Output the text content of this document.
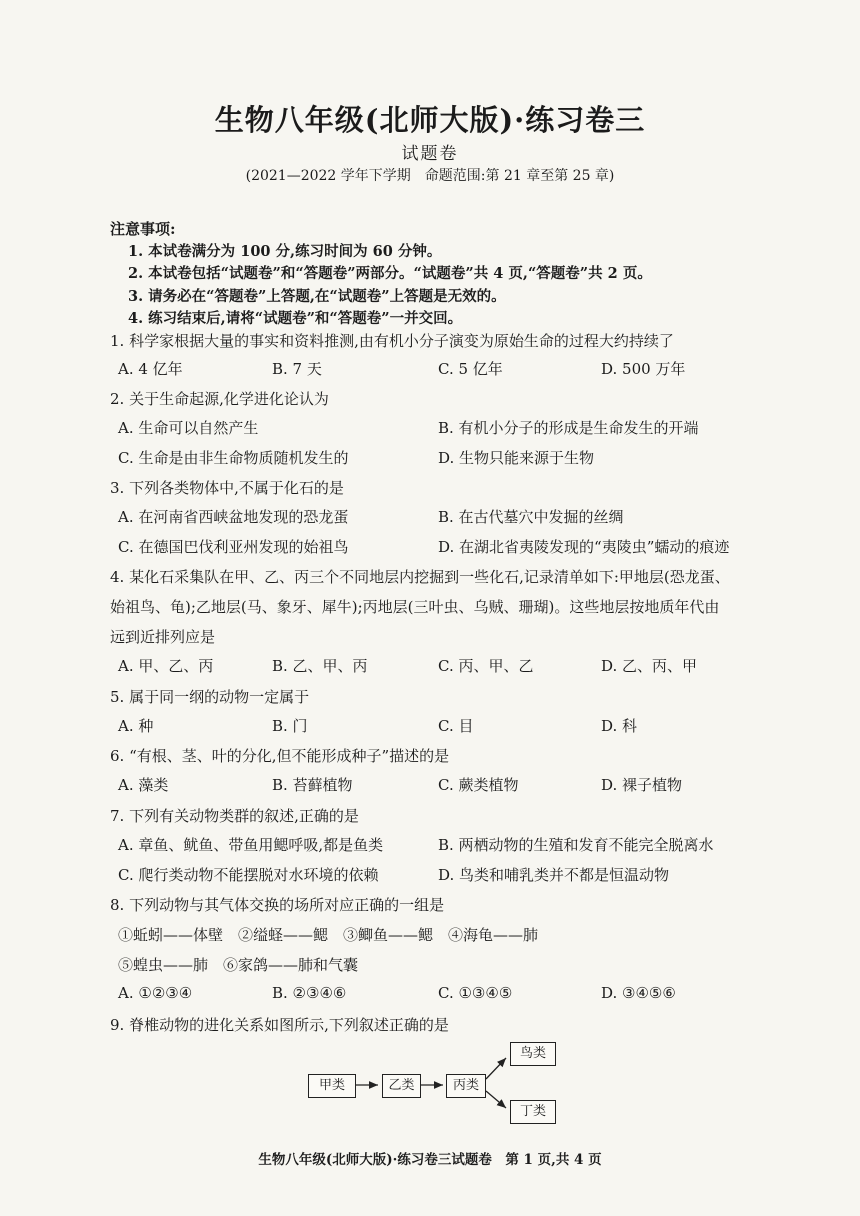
生物八年级(北师大版)·练习卷三
试题卷
(2021—2022 学年下学期　命题范围:第 21 章至第 25 章)
注意事项:
1. 本试卷满分为 100 分,练习时间为 60 分钟。
2. 本试卷包括“试题卷”和“答题卷”两部分。“试题卷”共 4 页,“答题卷”共 2 页。
3. 请务必在“答题卷”上答题,在“试题卷”上答题是无效的。
4. 练习结束后,请将“试题卷”和“答题卷”一并交回。
1. 科学家根据大量的事实和资料推测,由有机小分子演变为原始生命的过程大约持续了
A. 4 亿年	B. 7 天	C. 5 亿年	D. 500 万年
2. 关于生命起源,化学进化论认为
A. 生命可以自然产生	B. 有机小分子的形成是生命发生的开端
C. 生命是由非生命物质随机发生的	D. 生物只能来源于生物
3. 下列各类物体中,不属于化石的是
A. 在河南省西峡盆地发现的恐龙蛋	B. 在古代墓穴中发掘的丝绸
C. 在德国巴伐利亚州发现的始祖鸟	D. 在湖北省夷陵发现的“夷陵虫”蠕动的痕迹
4. 某化石采集队在甲、乙、丙三个不同地层内挖掘到一些化石,记录清单如下:甲地层(恐龙蛋、
始祖鸟、龟);乙地层(马、象牙、犀牛);丙地层(三叶虫、乌贼、珊瑚)。这些地层按地质年代由
远到近排列应是
A. 甲、乙、丙	B. 乙、甲、丙	C. 丙、甲、乙	D. 乙、丙、甲
5. 属于同一纲的动物一定属于
A. 种	B. 门	C. 目	D. 科
6. “有根、茎、叶的分化,但不能形成种子”描述的是
A. 藻类	B. 苔藓植物	C. 蕨类植物	D. 裸子植物
7. 下列有关动物类群的叙述,正确的是
A. 章鱼、鱿鱼、带鱼用鳃呼吸,都是鱼类	B. 两栖动物的生殖和发育不能完全脱离水
C. 爬行类动物不能摆脱对水环境的依赖	D. 鸟类和哺乳类并不都是恒温动物
8. 下列动物与其气体交换的场所对应正确的一组是
①蚯蚓——体壁　②缢蛏——鳃　③鲫鱼——鳃　④海龟——肺
⑤蝗虫——肺　⑥家鸽——肺和气囊
A. ①②③④	B. ②③④⑥	C. ①③④⑤	D. ③④⑤⑥
9. 脊椎动物的进化关系如图所示,下列叙述正确的是
甲类	乙类	丙类
鸟类
丁类
生物八年级(北师大版)·练习卷三试题卷　第 1 页,共 4 页
